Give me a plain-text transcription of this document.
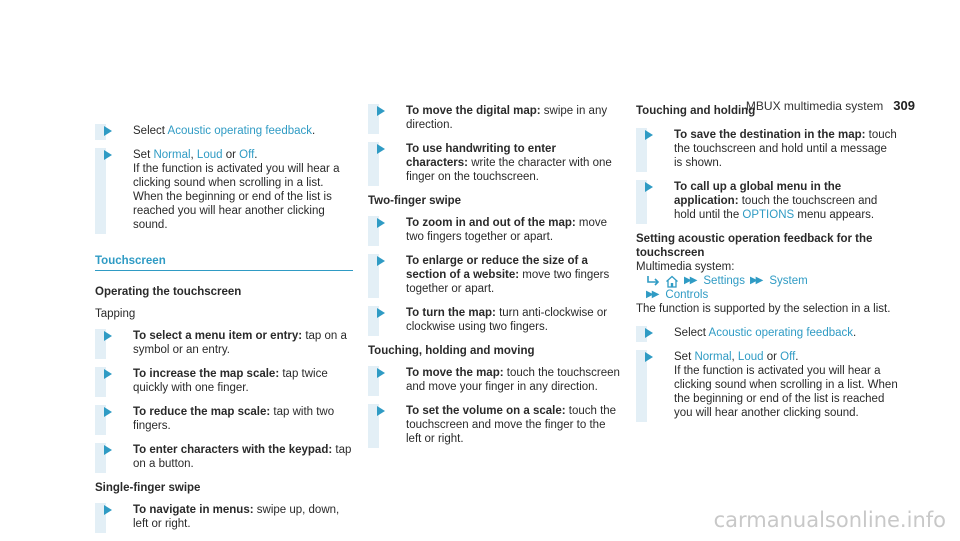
MBUX multimedia system 309
Select Acoustic operating feedback.
Set Normal, Loud or Off.
If the function is activated you will hear a clicking sound when scrolling in a list. When the beginning or end of the list is reached you will hear another clicking sound.
Touchscreen

Operating the touchscreen

Tapping

To select a menu item or entry: tap on a symbol or an entry.
To increase the map scale: tap twice quickly with one finger.
To reduce the map scale: tap with two fingers.
To enter characters with the keypad: tap on a button.

Single-finger swipe

To navigate in menus: swipe up, down, left or right.
To move the digital map: swipe in any direction.
To use handwriting to enter characters: write the character with one finger on the touchscreen.

Two-finger swipe

To zoom in and out of the map: move two fingers together or apart.
To enlarge or reduce the size of a section of a website: move two fingers together or apart.
To turn the map: turn anti-clockwise or clockwise using two fingers.

Touching, holding and moving

To move the map: touch the touchscreen and move your finger in any direction.
To set the volume on a scale: touch the touchscreen and move the finger to the left or right.

Touching and holding

To save the destination in the map: touch the touchscreen and hold until a message is shown.
To call up a global menu in the application: touch the touchscreen and hold until the OPTIONS menu appears.

Setting acoustic operation feedback for the touchscreen

Multimedia system:

▶▶ Settings ▶▶ System
▶▶ Controls

The function is supported by the selection in a list.

Select Acoustic operating feedback.
Set Normal, Loud or Off.
If the function is activated you will hear a clicking sound when scrolling in a list. When the beginning or end of the list is reached you will hear another clicking sound.
carmanualsonline.info
